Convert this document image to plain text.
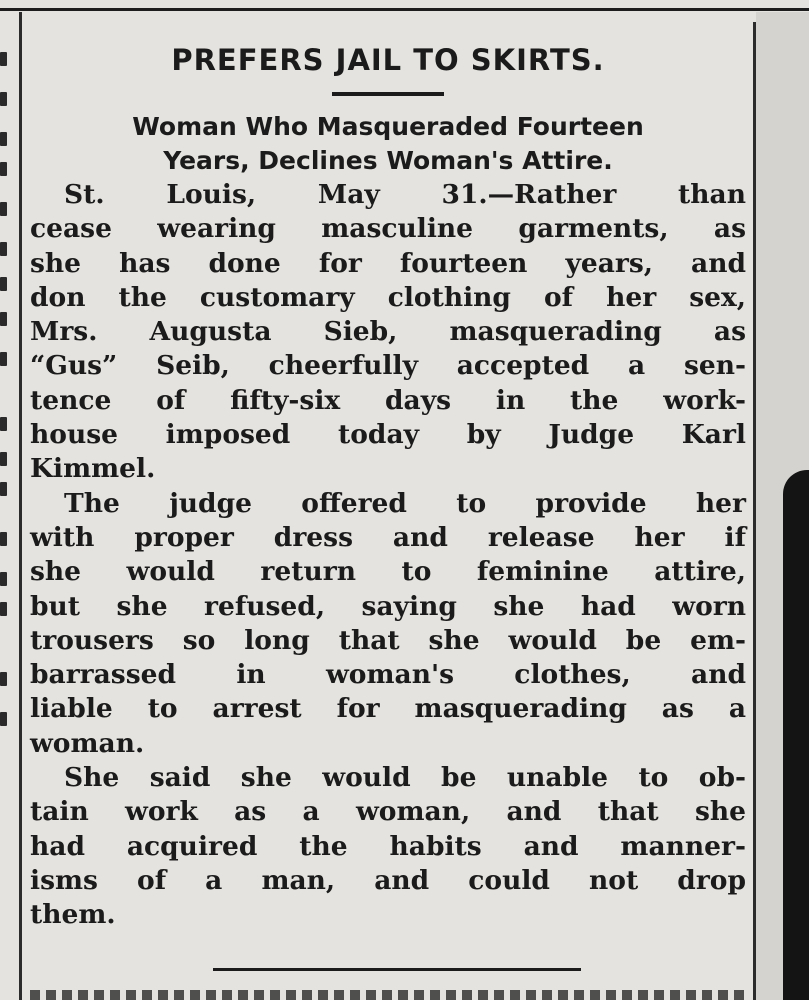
PREFERS JAIL TO SKIRTS.
Woman Who Masqueraded Fourteen
Years, Declines Woman's Attire.

St. Louis, May 31.—Rather than
cease wearing masculine garments, as
she has done for fourteen years, and
don the customary clothing of her sex,
Mrs. Augusta Sieb, masquerading as
“Gus” Seib, cheerfully accepted a sen-
tence of fifty-six days in the work-
house imposed today by Judge Karl
Kimmel.

The judge offered to provide her
with proper dress and release her if
she would return to feminine attire,
but she refused, saying she had worn
trousers so long that she would be em-
barrassed in woman's clothes, and
liable to arrest for masquerading as a
woman.

She said she would be unable to ob-
tain work as a woman, and that she
had acquired the habits and manner-
isms of a man, and could not drop
them.
